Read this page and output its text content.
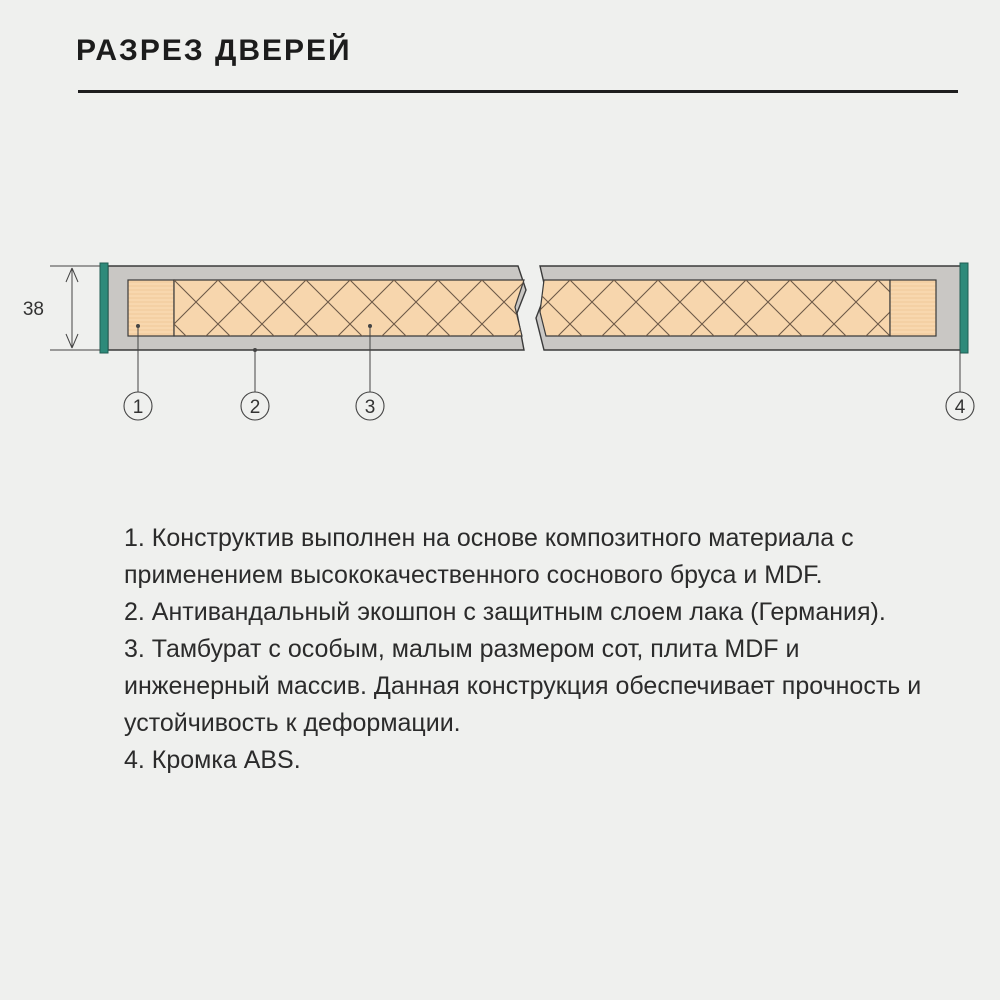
РАЗРЕЗ ДВЕРЕЙ
38
1	2	3	4
1. Конструктив выполнен на основе композитного материала с применением высококачественного соснового бруса и MDF.
2. Антивандальный экошпон с защитным слоем лака (Германия).
3. Тамбурат с особым, малым размером сот, плита MDF и инженерный массив. Данная конструкция обеспечивает прочность и устойчивость к деформации.
4. Кромка ABS.
